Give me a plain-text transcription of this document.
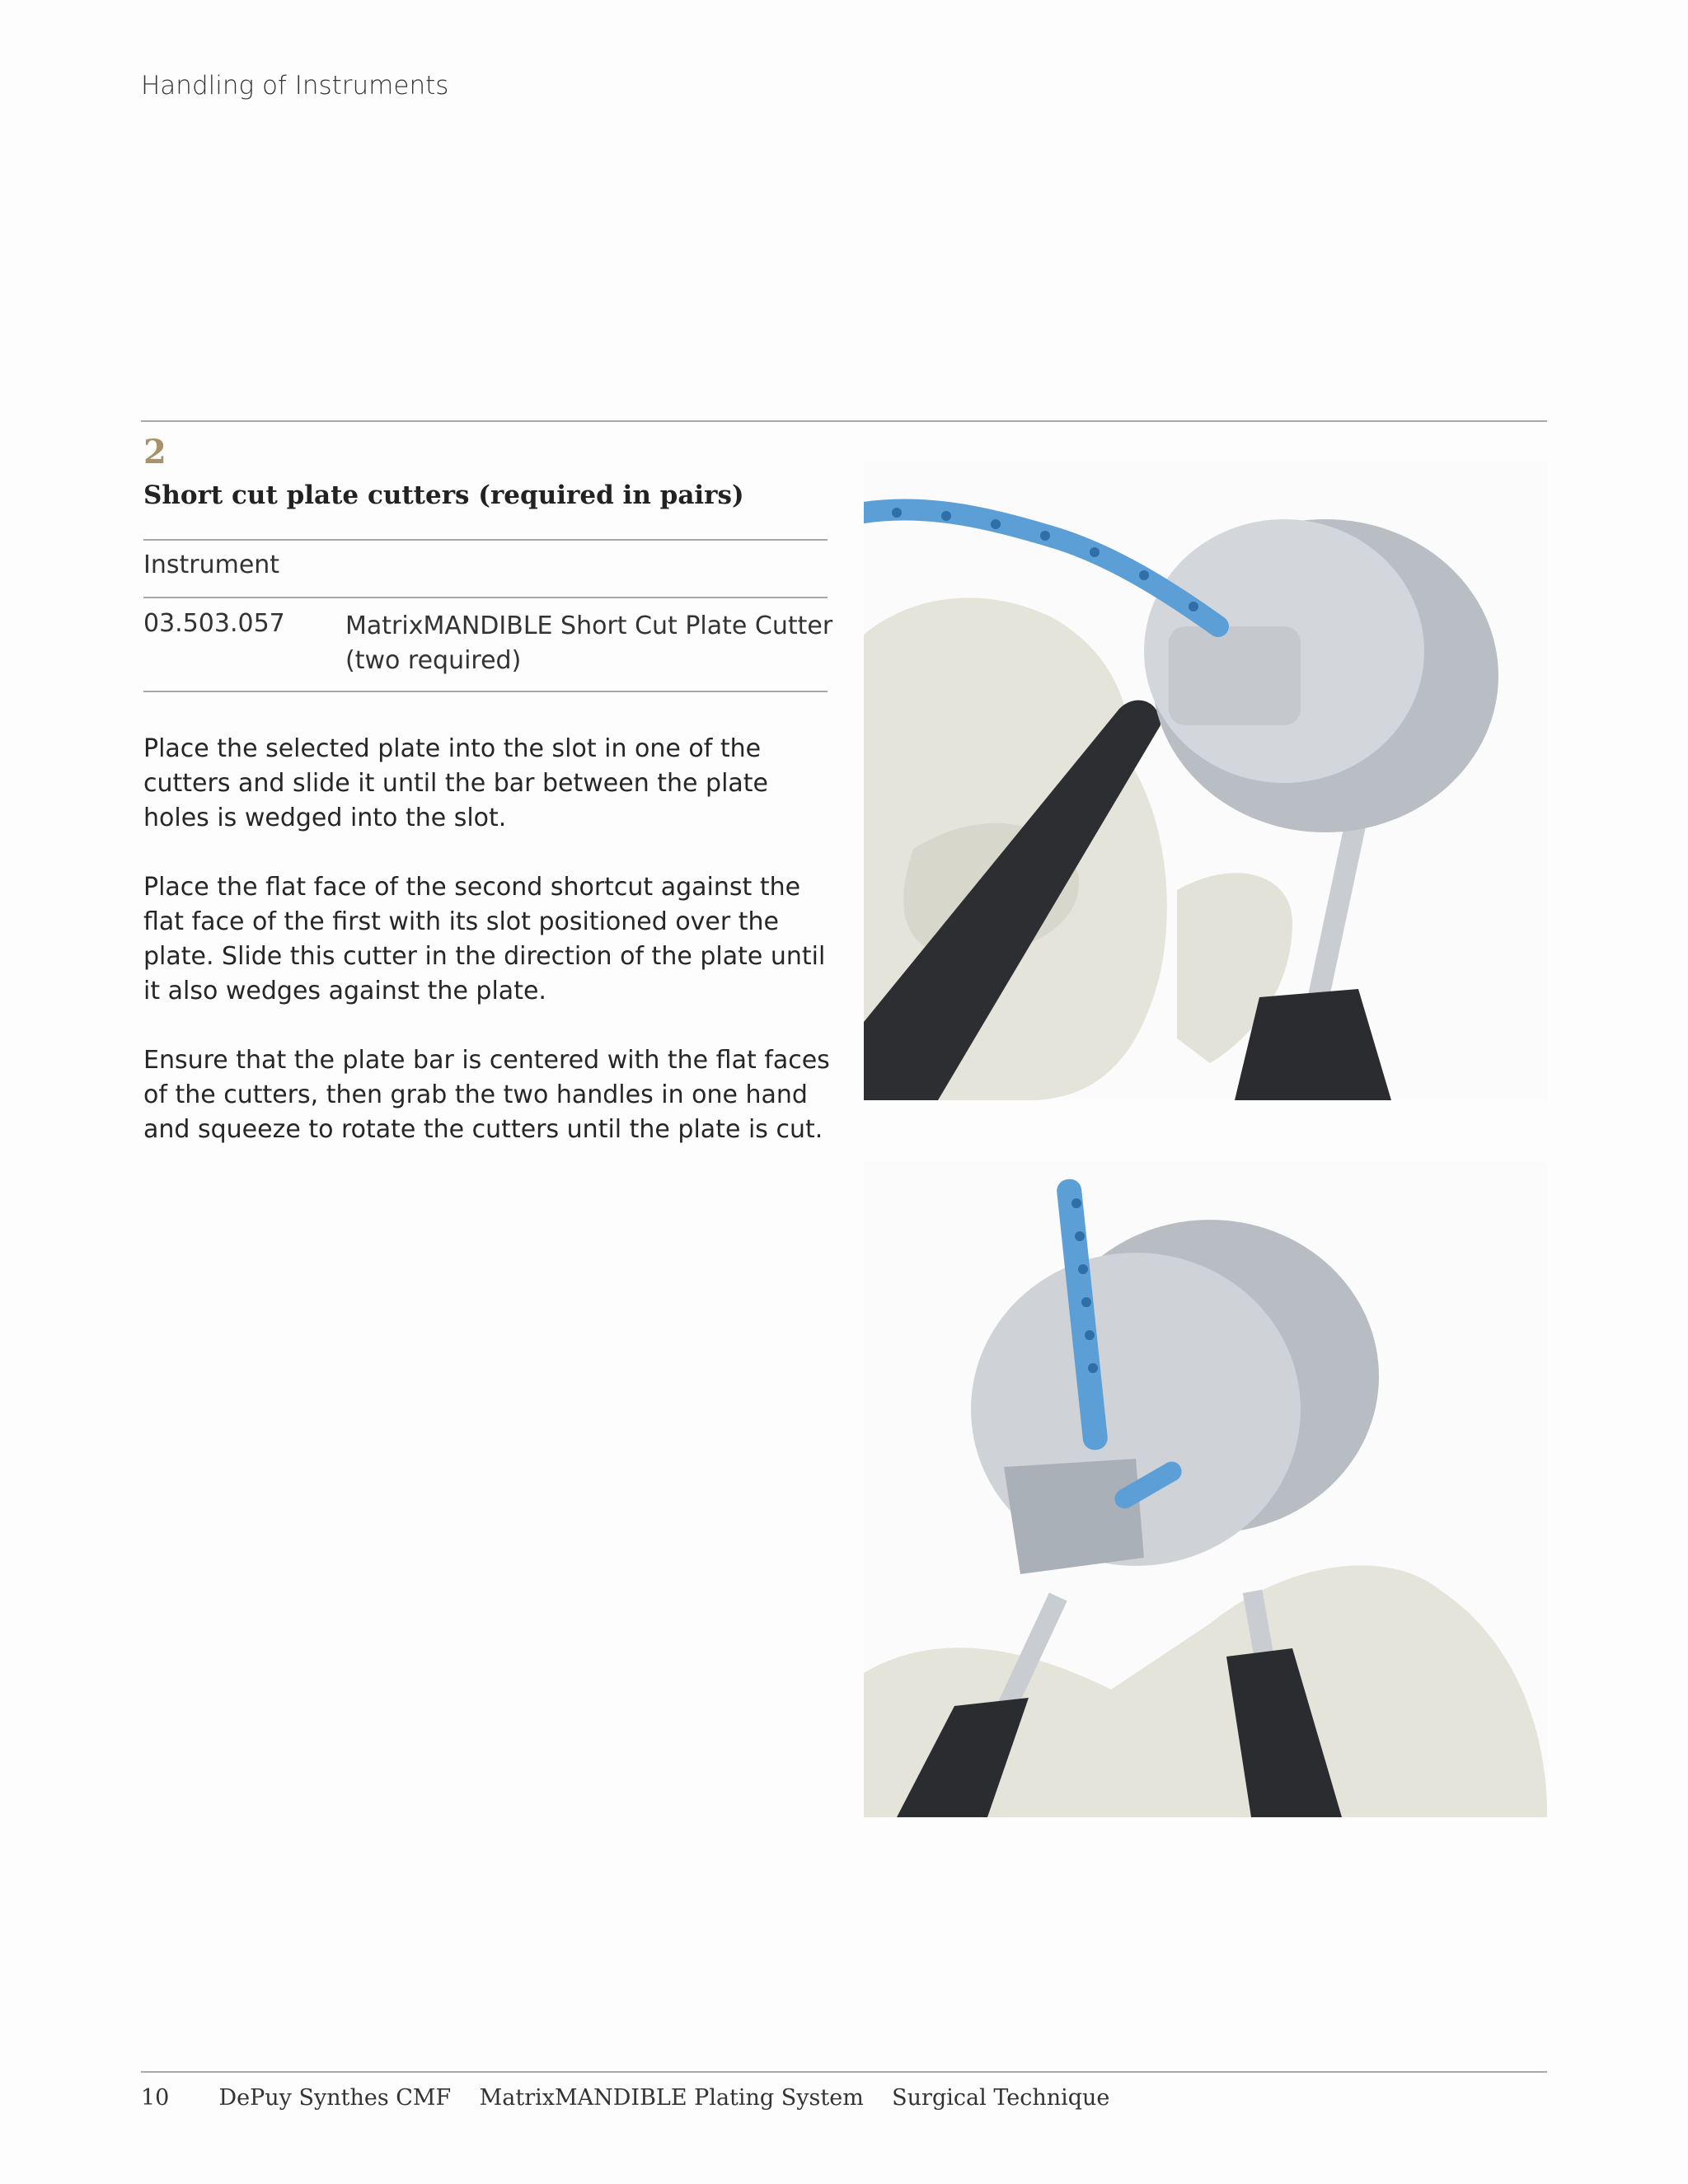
Handling of Instruments
2
Short cut plate cutters (required in pairs)
Instrument
03.503.057 MatrixMANDIBLE Short Cut Plate Cutter
(two required)

Place the selected plate into the slot in one of the cutters and slide it until the bar between the plate holes is wedged into the slot.

Place the flat face of the second shortcut against the flat face of the first with its slot positioned over the plate. Slide this cutter in the direction of the plate until it also wedges against the plate.

Ensure that the plate bar is centered with the flat faces of the cutters, then grab the two handles in one hand and squeeze to rotate the cutters until the plate is cut.

10 DePuy Synthes CMF MatrixMANDIBLE Plating System Surgical Technique
